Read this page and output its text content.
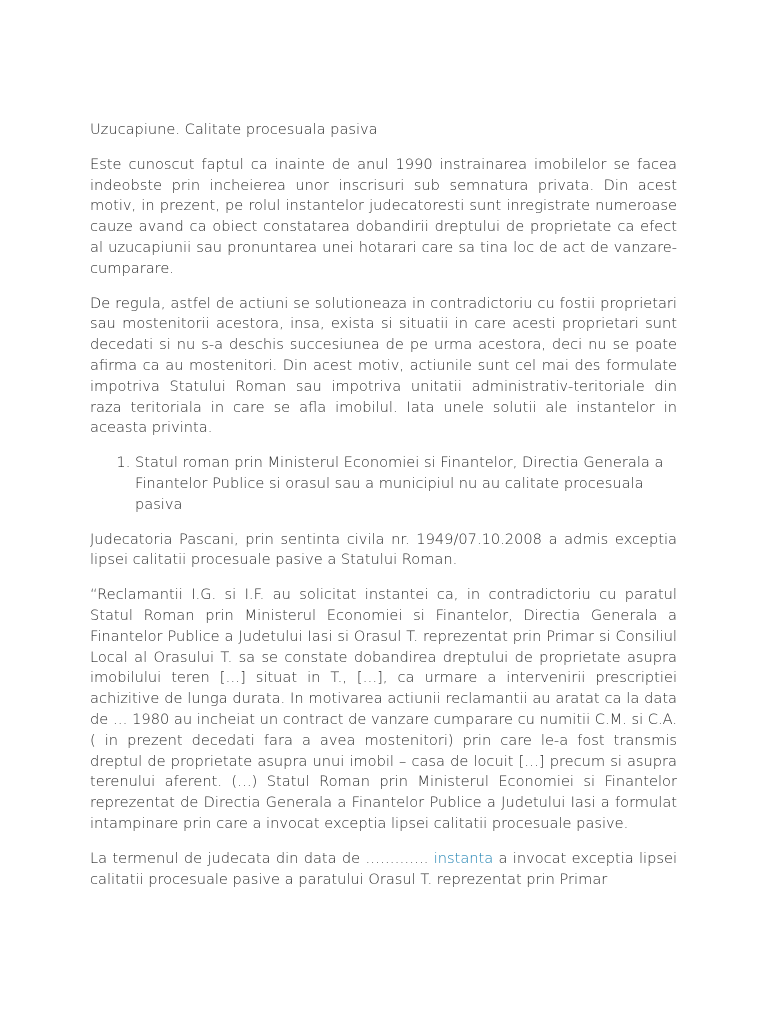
Uzucapiune. Calitate procesuala pasiva

Este cunoscut faptul ca inainte de anul 1990 instrainarea imobilelor se facea indeobste prin incheierea unor inscrisuri sub semnatura privata. Din acest motiv, in prezent, pe rolul instantelor judecatoresti sunt inregistrate numeroase cauze avand ca obiect constatarea dobandirii dreptului de proprietate ca efect al uzucapiunii sau pronuntarea unei hotarari care sa tina loc de act de vanzare-cumparare.

De regula, astfel de actiuni se solutioneaza in contradictoriu cu fostii proprietari sau mostenitorii acestora, insa, exista si situatii in care acesti proprietari sunt decedati si nu s-a deschis succesiunea de pe urma acestora, deci nu se poate afirma ca au mostenitori. Din acest motiv, actiunile sunt cel mai des formulate impotriva Statului Roman sau impotriva unitatii administrativ-teritoriale din raza teritoriala in care se afla imobilul. Iata unele solutii ale instantelor in aceasta privinta.

1. Statul roman prin Ministerul Economiei si Finantelor, Directia Generala a Finantelor Publice si orasul sau a municipiul nu au calitate procesuala pasiva

Judecatoria Pascani, prin sentinta civila nr. 1949/07.10.2008 a admis exceptia lipsei calitatii procesuale pasive a Statului Roman.

“Reclamantii I.G. si I.F. au solicitat instantei ca, in contradictoriu cu paratul Statul Roman prin Ministerul Economiei si Finantelor, Directia Generala a Finantelor Publice a Judetului Iasi si Orasul T. reprezentat prin Primar si Consiliul Local al Orasului T. sa se constate dobandirea dreptului de proprietate asupra imobilului teren […] situat in T., […], ca urmare a intervenirii prescriptiei achizitive de lunga durata. In motivarea actiunii reclamantii au aratat ca la data de … 1980 au incheiat un contract de vanzare cumparare cu numitii C.M. si C.A. ( in prezent decedati fara a avea mostenitori) prin care le-a fost transmis dreptul de proprietate asupra unui imobil – casa de locuit […] precum si asupra terenului aferent. (…) Statul Roman prin Ministerul Economiei si Finantelor reprezentat de Directia Generala a Finantelor Publice a Judetului Iasi a formulat intampinare prin care a invocat exceptia lipsei calitatii procesuale pasive.

La termenul de judecata din data de …………. instanta a invocat exceptia lipsei calitatii procesuale pasive a paratului Orasul T. reprezentat prin Primar
